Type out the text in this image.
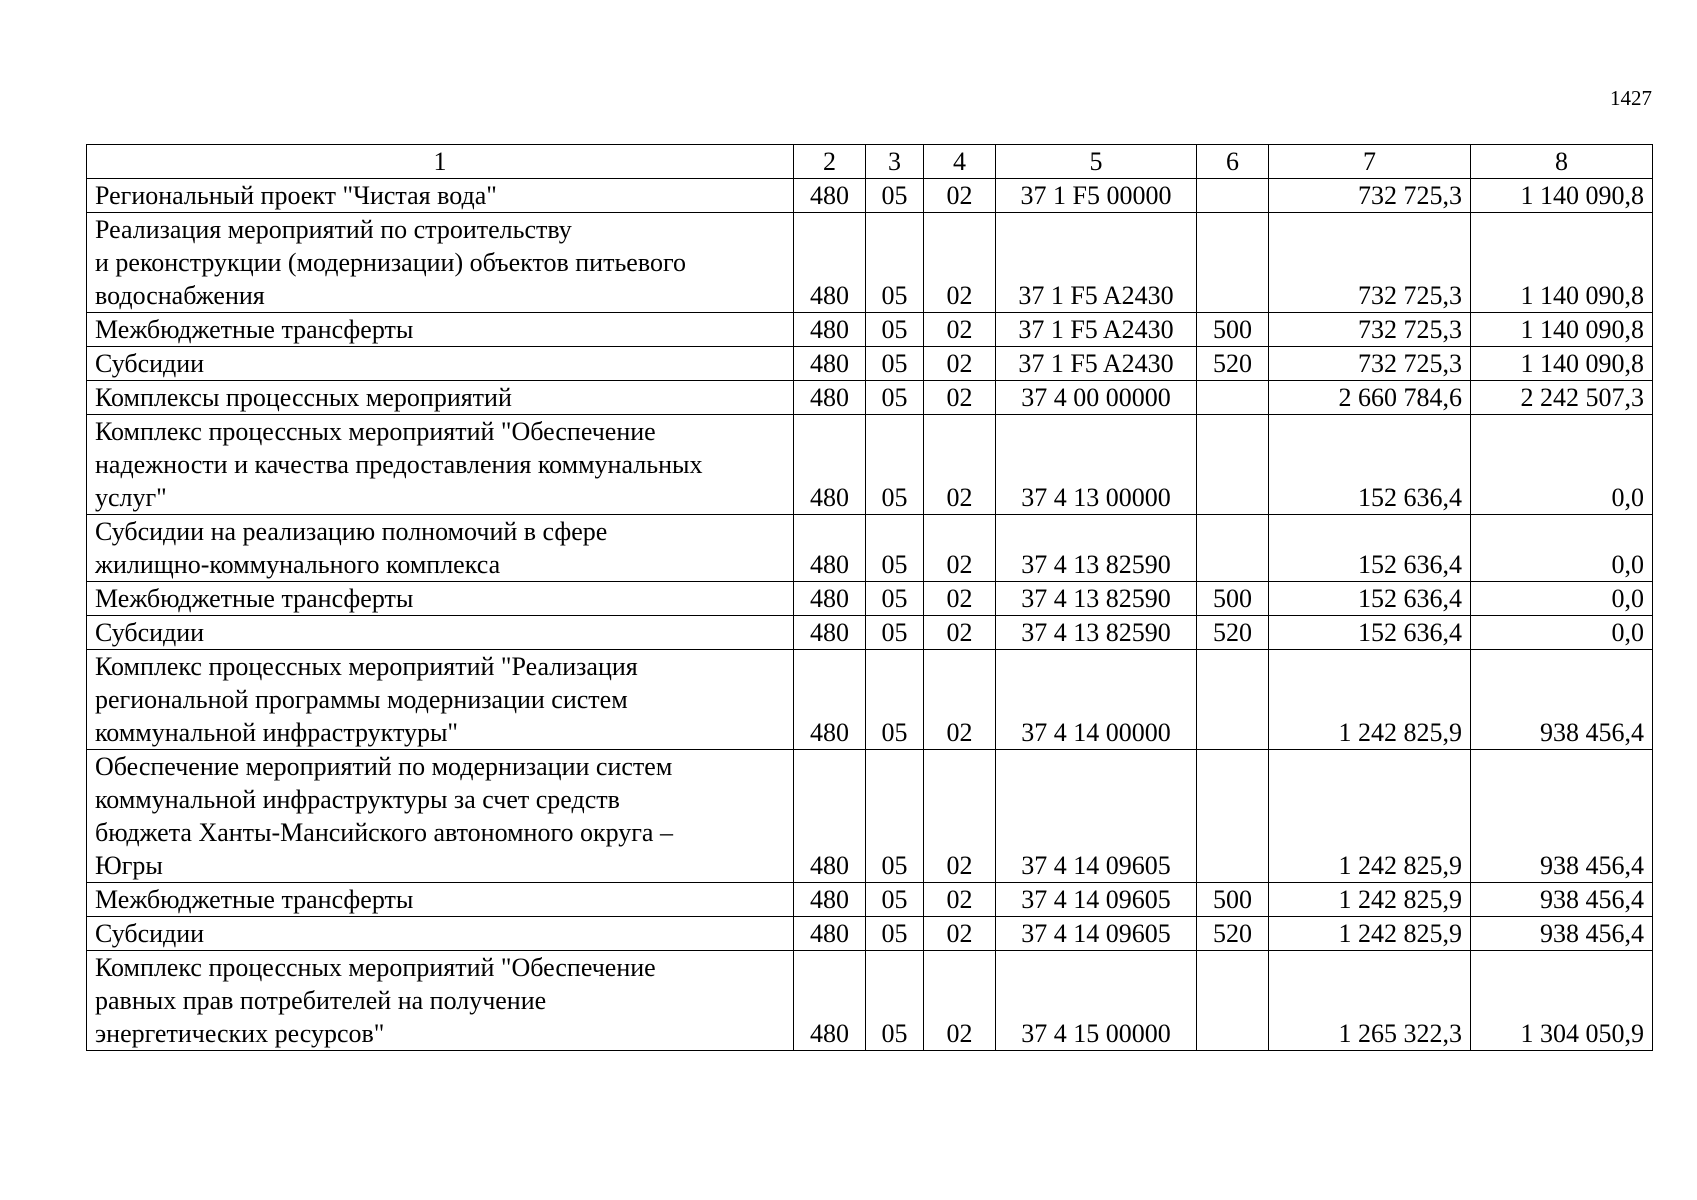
1427
1	2	3	4	5	6	7	8
Региональный проект "Чистая вода"	480	05	02	37 1 F5 00000		732 725,3	1 140 090,8
Реализация мероприятий по строительству
и реконструкции (модернизации) объектов питьевого
водоснабжения	480	05	02	37 1 F5 A2430		732 725,3	1 140 090,8
Межбюджетные трансферты	480	05	02	37 1 F5 A2430	500	732 725,3	1 140 090,8
Субсидии	480	05	02	37 1 F5 A2430	520	732 725,3	1 140 090,8
Комплексы процессных мероприятий	480	05	02	37 4 00 00000		2 660 784,6	2 242 507,3
Комплекс процессных мероприятий "Обеспечение
надежности и качества предоставления коммунальных
услуг"	480	05	02	37 4 13 00000		152 636,4	0,0
Субсидии на реализацию полномочий в сфере
жилищно-коммунального комплекса	480	05	02	37 4 13 82590		152 636,4	0,0
Межбюджетные трансферты	480	05	02	37 4 13 82590	500	152 636,4	0,0
Субсидии	480	05	02	37 4 13 82590	520	152 636,4	0,0
Комплекс процессных мероприятий "Реализация
региональной программы модернизации систем
коммунальной инфраструктуры"	480	05	02	37 4 14 00000		1 242 825,9	938 456,4
Обеспечение мероприятий по модернизации систем
коммунальной инфраструктуры за счет средств
бюджета Ханты-Мансийского автономного округа –
Югры	480	05	02	37 4 14 09605		1 242 825,9	938 456,4
Межбюджетные трансферты	480	05	02	37 4 14 09605	500	1 242 825,9	938 456,4
Субсидии	480	05	02	37 4 14 09605	520	1 242 825,9	938 456,4
Комплекс процессных мероприятий "Обеспечение
равных прав потребителей на получение
энергетических ресурсов"	480	05	02	37 4 15 00000		1 265 322,3	1 304 050,9
